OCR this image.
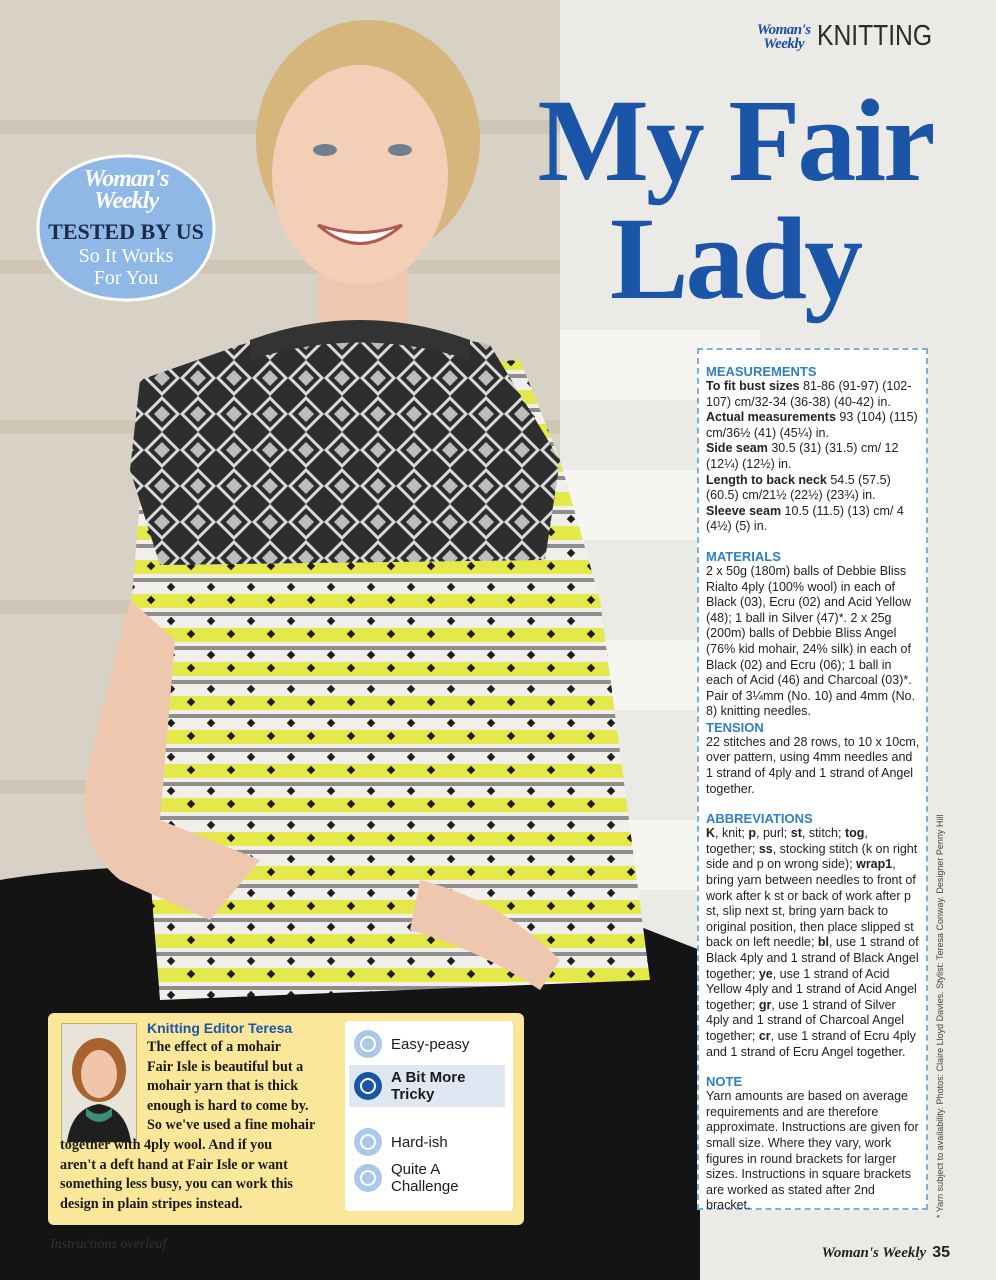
Woman's
Weekly KNITTING
My Fair
Lady
Woman's
Weekly
TESTED BY US
So It Works
For You
MEASUREMENTS

To fit bust sizes 81-86 (91-97) (102-107) cm/32-34 (36-38) (40-42) in.

Actual measurements 93 (104) (115) cm/36½ (41) (45¼) in.

Side seam 30.5 (31) (31.5) cm/ 12 (12¼) (12½) in.

Length to back neck 54.5 (57.5) (60.5) cm/21½ (22½) (23¾) in.

Sleeve seam 10.5 (11.5) (13) cm/ 4 (4½) (5) in.

MATERIALS

2 x 50g (180m) balls of Debbie Bliss Rialto 4ply (100% wool) in each of Black (03), Ecru (02) and Acid Yellow (48); 1 ball in Silver (47)*. 2 x 25g (200m) balls of Debbie Bliss Angel (76% kid mohair, 24% silk) in each of Black (02) and Ecru (06); 1 ball in each of Acid (46) and Charcoal (03)*. Pair of 3¼mm (No. 10) and 4mm (No. 8) knitting needles.

TENSION

22 stitches and 28 rows, to 10 x 10cm, over pattern, using 4mm needles and 1 strand of 4ply and 1 strand of Angel together.

ABBREVIATIONS

K, knit; p, purl; st, stitch; tog, together; ss, stocking stitch (k on right side and p on wrong side); wrap1, bring yarn between needles to front of work after k st or back of work after p st, slip next st, bring yarn back to original position, then place slipped st back on left needle; bl, use 1 strand of Black 4ply and 1 strand of Black Angel together; ye, use 1 strand of Acid Yellow 4ply and 1 strand of Acid Angel together; gr, use 1 strand of Silver 4ply and 1 strand of Charcoal Angel together; cr, use 1 strand of Ecru 4ply and 1 strand of Ecru Angel together.

NOTE

Yarn amounts are based on average requirements and are therefore approximate. Instructions are given for small size. Where they vary, work figures in round brackets for larger sizes. Instructions in square brackets are worked as stated after 2nd bracket.	* Yarn subject to availability. Photos: Claire Lloyd Davies. Stylist: Teresa Conway. Designer Penny Hill
Knitting Editor Teresa
The effect of a mohair
Fair Isle is beautiful but a
mohair yarn that is thick
enough is hard to come by.
So we've used a fine mohair
together with 4ply wool. And if you
aren't a deft hand at Fair Isle or want
something less busy, you can work this
design in plain stripes instead.
Easy-peasy
A Bit More
Tricky
Hard-ish
Quite A
Challenge
Instructions overleaf
Woman's Weekly 35
